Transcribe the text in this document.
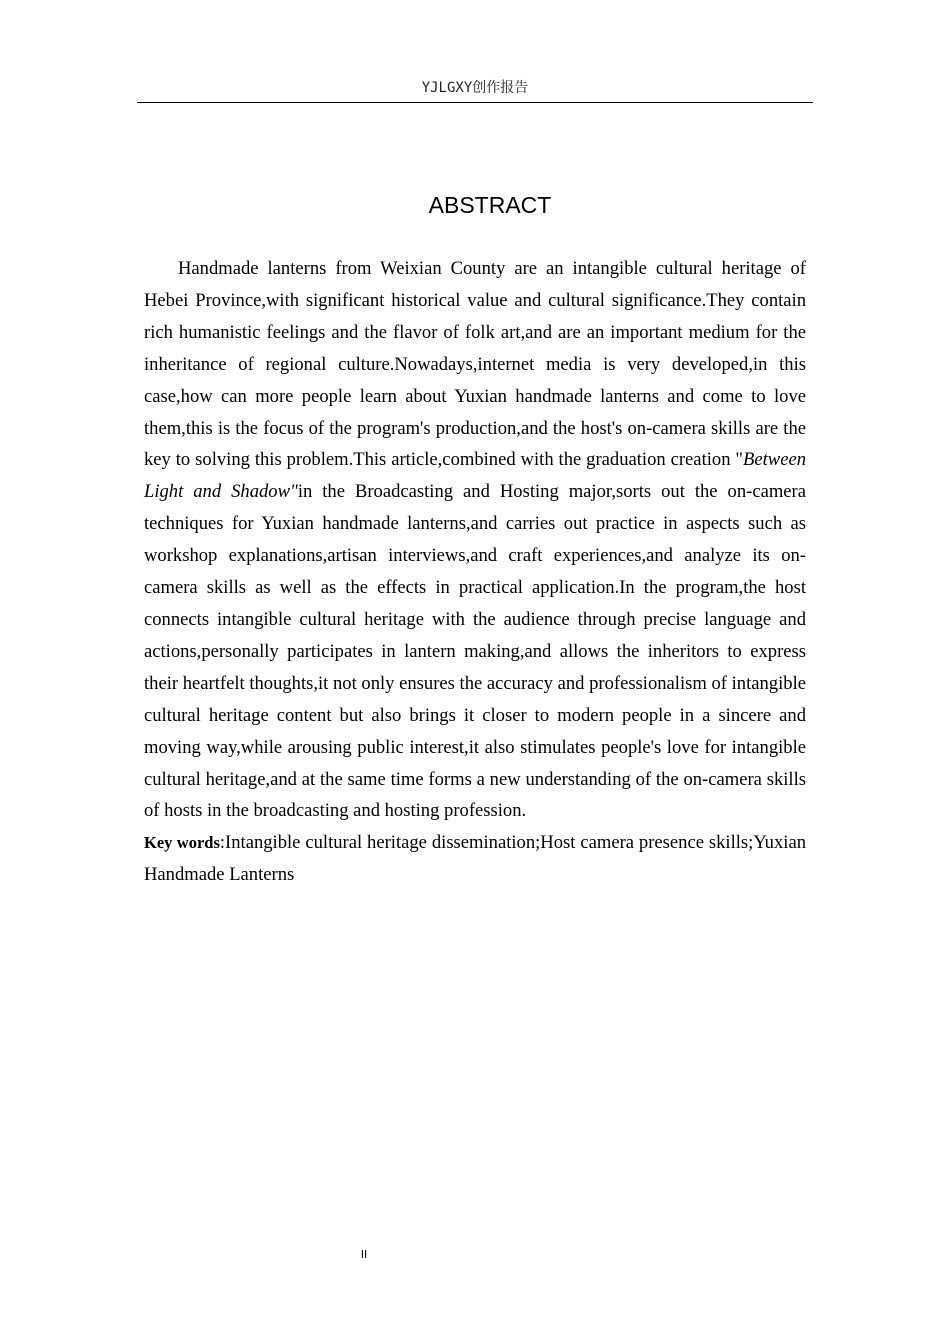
YJLGXY创作报告
ABSTRACT

Handmade lanterns from Weixian County are an intangible cultural heritage of Hebei Province,with significant historical value and cultural significance.They contain rich humanistic feelings and the flavor of folk art,and are an important medium for the inheritance of regional culture.Nowadays,internet media is very developed,in this case,how can more people learn about Yuxian handmade lanterns and come to love them,this is the focus of the program's production,and the host's on-camera skills are the key to solving this problem.This article,combined with the graduation creation "Between Light and Shadow"in the Broadcasting and Hosting major,sorts out the on-camera techniques for Yuxian handmade lanterns,and carries out practice in aspects such as workshop explanations,artisan interviews,and craft experiences,and analyze its on-camera skills as well as the effects in practical application.In the program,the host connects intangible cultural heritage with the audience through precise language and actions,personally participates in lantern making,and allows the inheritors to express their heartfelt thoughts,it not only ensures the accuracy and professionalism of intangible cultural heritage content but also brings it closer to modern people in a sincere and moving way,while arousing public interest,it also stimulates people's love for intangible cultural heritage,and at the same time forms a new understanding of the on-camera skills of hosts in the broadcasting and hosting profession.

Key words:Intangible cultural heritage dissemination;Host camera presence skills;Yuxian Handmade Lanterns

II
